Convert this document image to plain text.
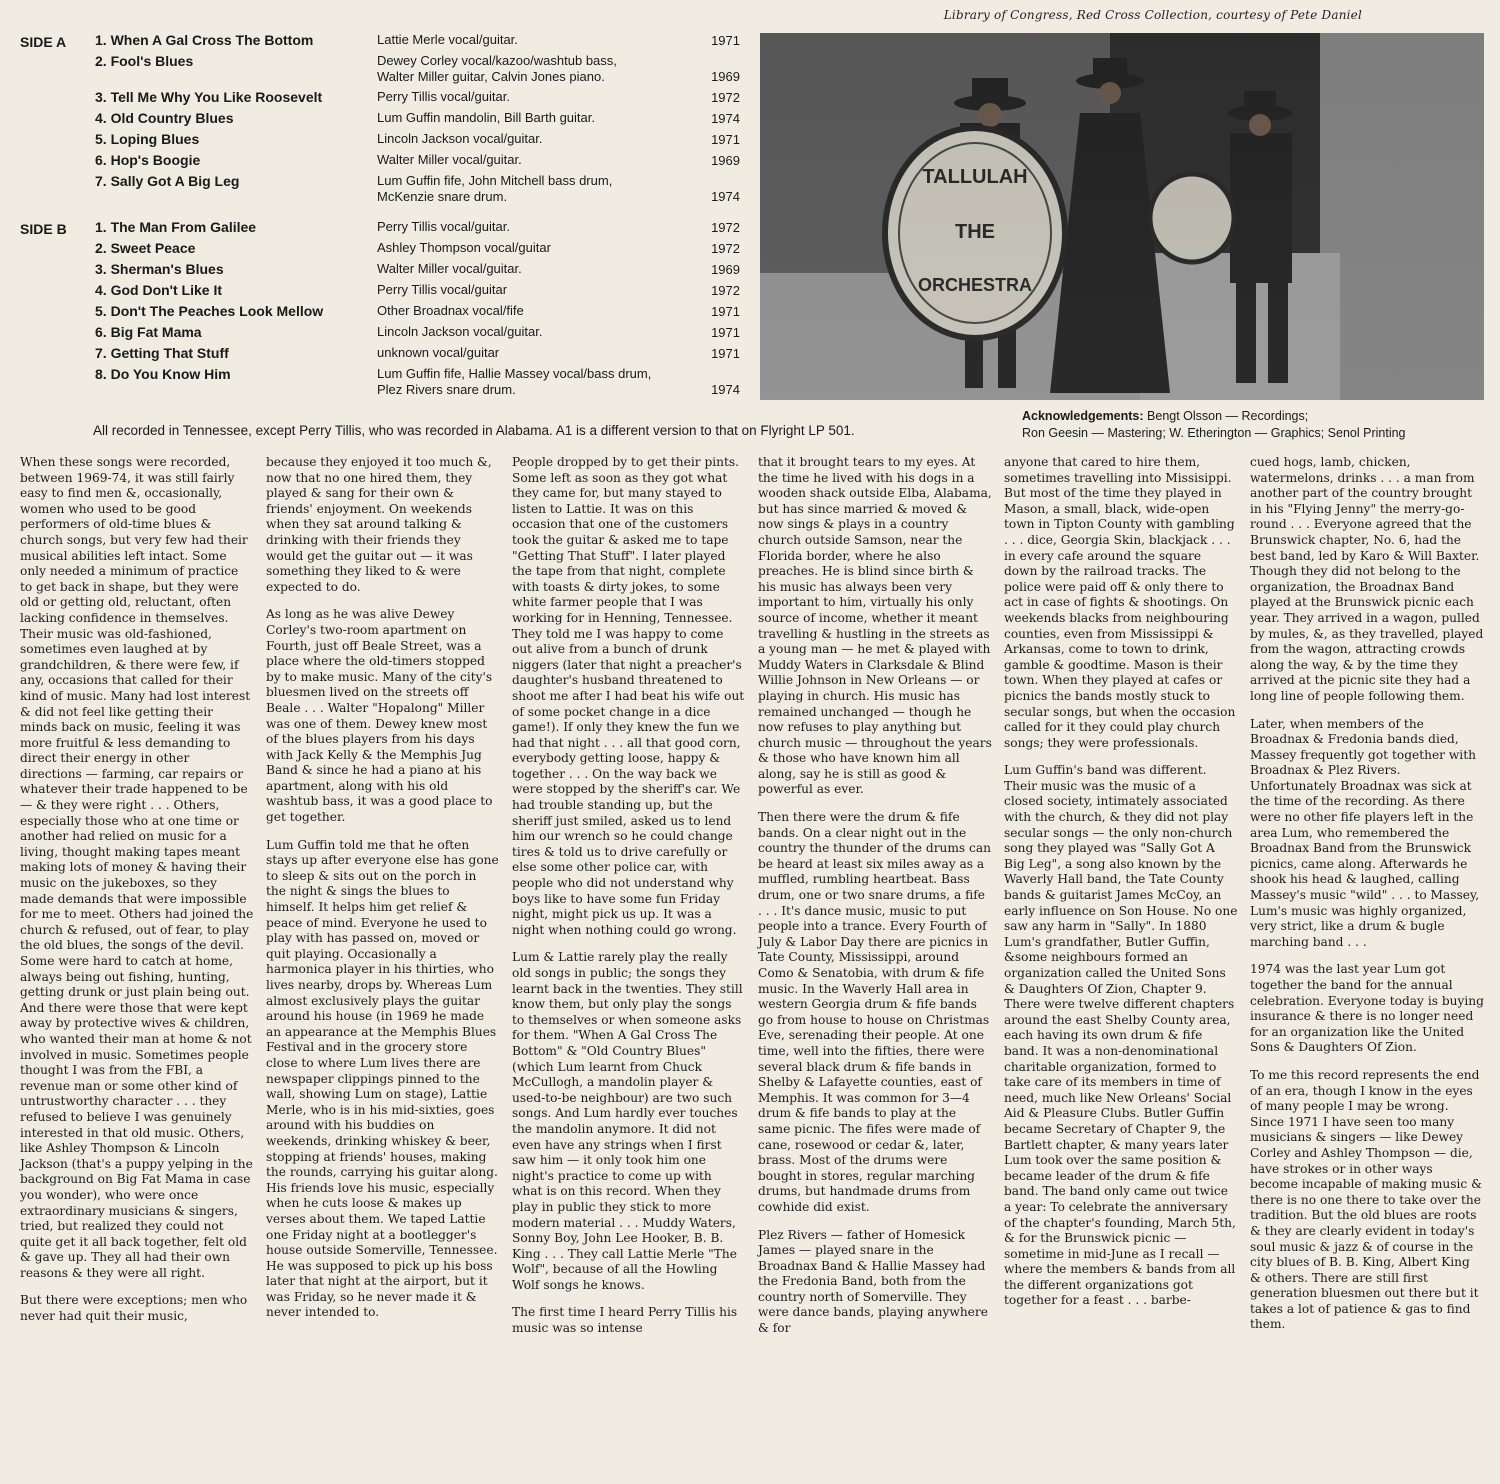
Library of Congress, Red Cross Collection, courtesy of Pete Daniel
SIDE A 1. When A Gal Cross The Bottom	Lattie Merle vocal/guitar.	1971
2. Fool's Blues	Dewey Corley vocal/kazoo/washtub bass,
Walter Miller guitar, Calvin Jones piano.	1969
3. Tell Me Why You Like Roosevelt	Perry Tillis vocal/guitar.	1972
4. Old Country Blues	Lum Guffin mandolin, Bill Barth guitar.	1974
5. Loping Blues	Lincoln Jackson vocal/guitar.	1971
6. Hop's Boogie	Walter Miller vocal/guitar.	1969
7. Sally Got A Big Leg	Lum Guffin fife, John Mitchell bass drum,
McKenzie snare drum.	1974
SIDE B 1. The Man From Galilee	Perry Tillis vocal/guitar.	1972
2. Sweet Peace	Ashley Thompson vocal/guitar	1972
3. Sherman's Blues	Walter Miller vocal/guitar.	1969
4. God Don't Like It	Perry Tillis vocal/guitar	1972
5. Don't The Peaches Look Mellow	Other Broadnax vocal/fife	1971
6. Big Fat Mama	Lincoln Jackson vocal/guitar.	1971
7. Getting That Stuff	unknown vocal/guitar	1971
8. Do You Know Him	Lum Guffin fife, Hallie Massey vocal/bass drum,
Plez Rivers snare drum.	1974
TALLULAH
THE
ORCHESTRA
Acknowledgements: Bengt Olsson — Recordings;
Ron Geesin — Mastering; W. Etherington — Graphics; Senol Printing
All recorded in Tennessee, except Perry Tillis, who was recorded in Alabama. A1 is a different version to that on Flyright LP 501.

When these songs were recorded, between 1969-74, it was still fairly easy to find men &, occasionally, women who used to be good performers of old-time blues & church songs, but very few had their musical abilities left intact. Some only needed a minimum of practice to get back in shape, but they were old or getting old, reluctant, often lacking confidence in themselves. Their music was old-fashioned, sometimes even laughed at by grandchildren, & there were few, if any, occasions that called for their kind of music. Many had lost interest & did not feel like getting their minds back on music, feeling it was more fruitful & less demanding to direct their energy in other directions — farming, car repairs or whatever their trade happened to be — & they were right . . . Others, especially those who at one time or another had relied on music for a living, thought making tapes meant making lots of money & having their music on the jukeboxes, so they made demands that were impossible for me to meet. Others had joined the church & refused, out of fear, to play the old blues, the songs of the devil. Some were hard to catch at home, always being out fishing, hunting, getting drunk or just plain being out. And there were those that were kept away by protective wives & children, who wanted their man at home & not involved in music. Sometimes people thought I was from the FBI, a revenue man or some other kind of untrustworthy character . . . they refused to believe I was genuinely interested in that old music. Others, like Ashley Thompson & Lincoln Jackson (that's a puppy yelping in the background on Big Fat Mama in case you wonder), who were once extraordinary musicians & singers, tried, but realized they could not quite get it all back together, felt old & gave up. They all had their own reasons & they were all right.

But there were exceptions; men who never had quit their music,

because they enjoyed it too much &, now that no one hired them, they played & sang for their own & friends' enjoyment. On weekends when they sat around talking & drinking with their friends they would get the guitar out — it was something they liked to & were expected to do.

As long as he was alive Dewey Corley's two-room apartment on Fourth, just off Beale Street, was a place where the old-timers stopped by to make music. Many of the city's bluesmen lived on the streets off Beale . . . Walter "Hopalong" Miller was one of them. Dewey knew most of the blues players from his days with Jack Kelly & the Memphis Jug Band & since he had a piano at his apartment, along with his old washtub bass, it was a good place to get together.

Lum Guffin told me that he often stays up after everyone else has gone to sleep & sits out on the porch in the night & sings the blues to himself. It helps him get relief & peace of mind. Everyone he used to play with has passed on, moved or quit playing. Occasionally a harmonica player in his thirties, who lives nearby, drops by. Whereas Lum almost exclusively plays the guitar around his house (in 1969 he made an appearance at the Memphis Blues Festival and in the grocery store close to where Lum lives there are newspaper clippings pinned to the wall, showing Lum on stage), Lattie Merle, who is in his mid-sixties, goes around with his buddies on weekends, drinking whiskey & beer, stopping at friends' houses, making the rounds, carrying his guitar along. His friends love his music, especially when he cuts loose & makes up verses about them. We taped Lattie one Friday night at a bootlegger's house outside Somerville, Tennessee. He was supposed to pick up his boss later that night at the airport, but it was Friday, so he never made it & never intended to.

People dropped by to get their pints. Some left as soon as they got what they came for, but many stayed to listen to Lattie. It was on this occasion that one of the customers took the guitar & asked me to tape "Getting That Stuff". I later played the tape from that night, complete with toasts & dirty jokes, to some white farmer people that I was working for in Henning, Tennessee. They told me I was happy to come out alive from a bunch of drunk niggers (later that night a preacher's daughter's husband threatened to shoot me after I had beat his wife out of some pocket change in a dice game!). If only they knew the fun we had that night . . . all that good corn, everybody getting loose, happy & together . . . On the way back we were stopped by the sheriff's car. We had trouble standing up, but the sheriff just smiled, asked us to lend him our wrench so he could change tires & told us to drive carefully or else some other police car, with people who did not understand why boys like to have some fun Friday night, might pick us up. It was a night when nothing could go wrong.

Lum & Lattie rarely play the really old songs in public; the songs they learnt back in the twenties. They still know them, but only play the songs to themselves or when someone asks for them. "When A Gal Cross The Bottom" & "Old Country Blues" (which Lum learnt from Chuck McCullogh, a mandolin player & used-to-be neighbour) are two such songs. And Lum hardly ever touches the mandolin anymore. It did not even have any strings when I first saw him — it only took him one night's practice to come up with what is on this record. When they play in public they stick to more modern material . . . Muddy Waters, Sonny Boy, John Lee Hooker, B. B. King . . . They call Lattie Merle "The Wolf", because of all the Howling Wolf songs he knows.

The first time I heard Perry Tillis his music was so intense

that it brought tears to my eyes. At the time he lived with his dogs in a wooden shack outside Elba, Alabama, but has since married & moved & now sings & plays in a country church outside Samson, near the Florida border, where he also preaches. He is blind since birth & his music has always been very important to him, virtually his only source of income, whether it meant travelling & hustling in the streets as a young man — he met & played with Muddy Waters in Clarksdale & Blind Willie Johnson in New Orleans — or playing in church. His music has remained unchanged — though he now refuses to play anything but church music — throughout the years & those who have known him all along, say he is still as good & powerful as ever.

Then there were the drum & fife bands. On a clear night out in the country the thunder of the drums can be heard at least six miles away as a muffled, rumbling heartbeat. Bass drum, one or two snare drums, a fife . . . It's dance music, music to put people into a trance. Every Fourth of July & Labor Day there are picnics in Tate County, Mississippi, around Como & Senatobia, with drum & fife music. In the Waverly Hall area in western Georgia drum & fife bands go from house to house on Christmas Eve, serenading their people. At one time, well into the fifties, there were several black drum & fife bands in Shelby & Lafayette counties, east of Memphis. It was common for 3—4 drum & fife bands to play at the same picnic. The fifes were made of cane, rosewood or cedar &, later, brass. Most of the drums were bought in stores, regular marching drums, but handmade drums from cowhide did exist.

Plez Rivers — father of Homesick James — played snare in the Broadnax Band & Hallie Massey had the Fredonia Band, both from the country north of Somerville. They were dance bands, playing anywhere & for

anyone that cared to hire them, sometimes travelling into Missisippi. But most of the time they played in Mason, a small, black, wide-open town in Tipton County with gambling . . . dice, Georgia Skin, blackjack . . . in every cafe around the square down by the railroad tracks. The police were paid off & only there to act in case of fights & shootings. On weekends blacks from neighbouring counties, even from Mississippi & Arkansas, come to town to drink, gamble & goodtime. Mason is their town. When they played at cafes or picnics the bands mostly stuck to secular songs, but when the occasion called for it they could play church songs; they were professionals.

Lum Guffin's band was different. Their music was the music of a closed society, intimately associated with the church, & they did not play secular songs — the only non-church song they played was "Sally Got A Big Leg", a song also known by the Waverly Hall band, the Tate County bands & guitarist James McCoy, an early influence on Son House. No one saw any harm in "Sally". In 1880 Lum's grandfather, Butler Guffin, &some neighbours formed an organization called the United Sons & Daughters Of Zion, Chapter 9. There were twelve different chapters around the east Shelby County area, each having its own drum & fife band. It was a non-denominational charitable organization, formed to take care of its members in time of need, much like New Orleans' Social Aid & Pleasure Clubs. Butler Guffin became Secretary of Chapter 9, the Bartlett chapter, & many years later Lum took over the same position & became leader of the drum & fife band. The band only came out twice a year: To celebrate the anniversary of the chapter's founding, March 5th, & for the Brunswick picnic — sometime in mid-June as I recall — where the members & bands from all the different organizations got together for a feast . . . barbe-

cued hogs, lamb, chicken, watermelons, drinks . . . a man from another part of the country brought in his "Flying Jenny" the merry-go-round . . . Everyone agreed that the Brunswick chapter, No. 6, had the best band, led by Karo & Will Baxter. Though they did not belong to the organization, the Broadnax Band played at the Brunswick picnic each year. They arrived in a wagon, pulled by mules, &, as they travelled, played from the wagon, attracting crowds along the way, & by the time they arrived at the picnic site they had a long line of people following them.

Later, when members of the Broadnax & Fredonia bands died, Massey frequently got together with Broadnax & Plez Rivers. Unfortunately Broadnax was sick at the time of the recording. As there were no other fife players left in the area Lum, who remembered the Broadnax Band from the Brunswick picnics, came along. Afterwards he shook his head & laughed, calling Massey's music "wild" . . . to Massey, Lum's music was highly organized, very strict, like a drum & bugle marching band . . .

1974 was the last year Lum got together the band for the annual celebration. Everyone today is buying insurance & there is no longer need for an organization like the United Sons & Daughters Of Zion.

To me this record represents the end of an era, though I know in the eyes of many people I may be wrong. Since 1971 I have seen too many musicians & singers — like Dewey Corley and Ashley Thompson — die, have strokes or in other ways become incapable of making music & there is no one there to take over the tradition. But the old blues are roots & they are clearly evident in today's soul music & jazz & of course in the city blues of B. B. King, Albert King & others. There are still first generation bluesmen out there but it takes a lot of patience & gas to find them.
